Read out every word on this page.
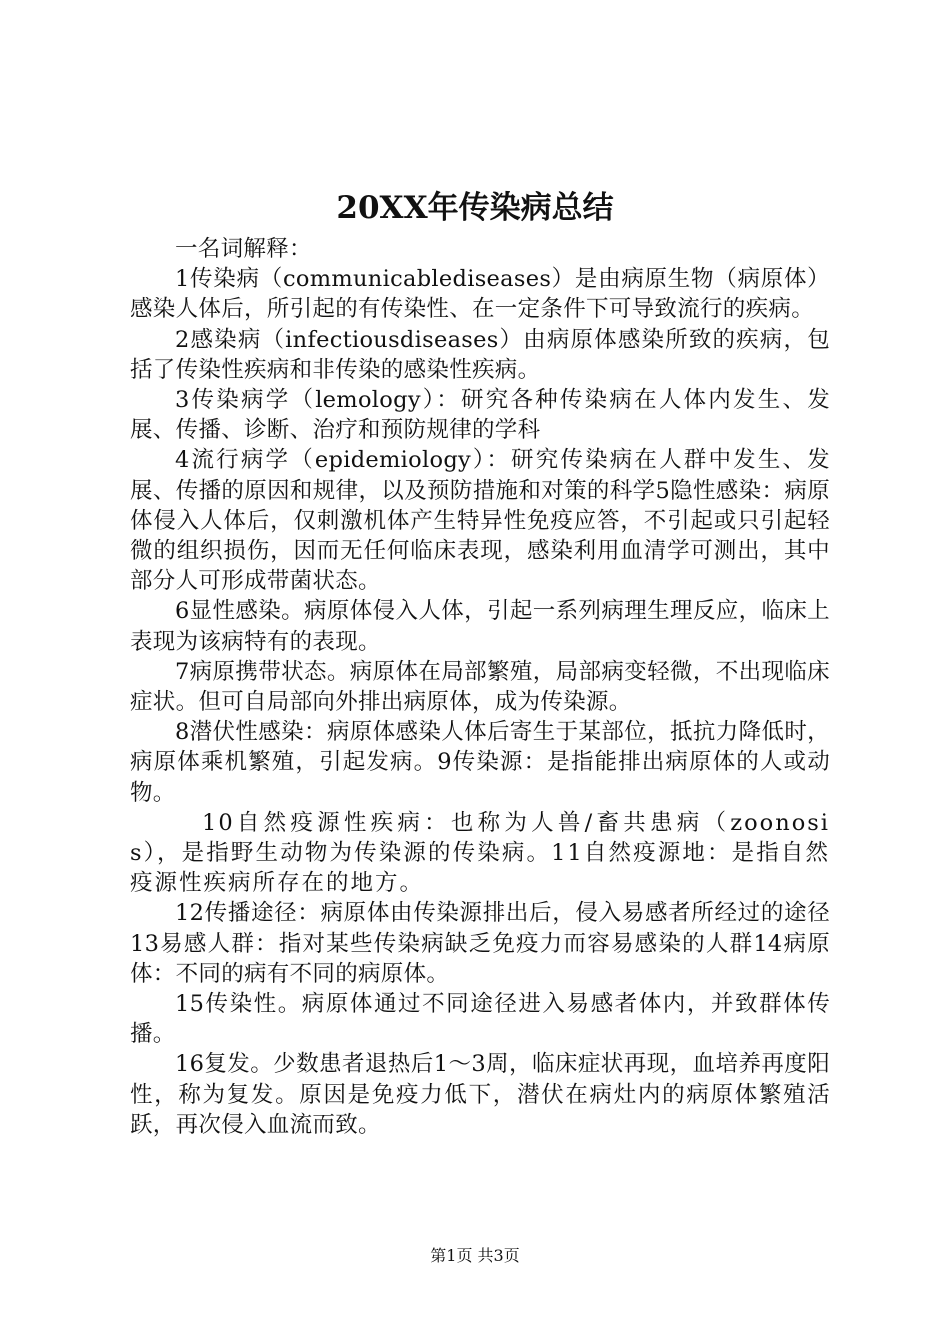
20XX年传染病总结

一名词解释：

1传染病（communicablediseases）是由病原生物（病原体）感染人体后，所引起的有传染性、在一定条件下可导致流行的疾病。

2感染病（infectiousdiseases）由病原体感染所致的疾病，包括了传染性疾病和非传染的感染性疾病。

3传染病学（lemology）：研究各种传染病在人体内发生、发展、传播、诊断、治疗和预防规律的学科

4流行病学（epidemiology）：研究传染病在人群中发生、发展、传播的原因和规律，以及预防措施和对策的科学5隐性感染：病原体侵入人体后，仅刺激机体产生特异性免疫应答，不引起或只引起轻微的组织损伤，因而无任何临床表现，感染利用血清学可测出，其中部分人可形成带菌状态。

6显性感染。病原体侵入人体，引起一系列病理生理反应，临床上表现为该病特有的表现。

7病原携带状态。病原体在局部繁殖，局部病变轻微，不出现临床症状。但可自局部向外排出病原体，成为传染源。

8潜伏性感染：病原体感染人体后寄生于某部位，抵抗力降低时，病原体乘机繁殖，引起发病。9传染源：是指能排出病原体的人或动物。

10自然疫源性疾病：也称为人兽/畜共患病（zoonosis），是指野生动物为传染源的传染病。11自然疫源地：是指自然疫源性疾病所存在的地方。

12传播途径：病原体由传染源排出后，侵入易感者所经过的途径13易感人群：指对某些传染病缺乏免疫力而容易感染的人群14病原体：不同的病有不同的病原体。

15传染性。病原体通过不同途径进入易感者体内，并致群体传播。

16复发。少数患者退热后1～3周，临床症状再现，血培养再度阳性，称为复发。原因是免疫力低下，潜伏在病灶内的病原体繁殖活跃，再次侵入血流而致。

第1页 共3页
